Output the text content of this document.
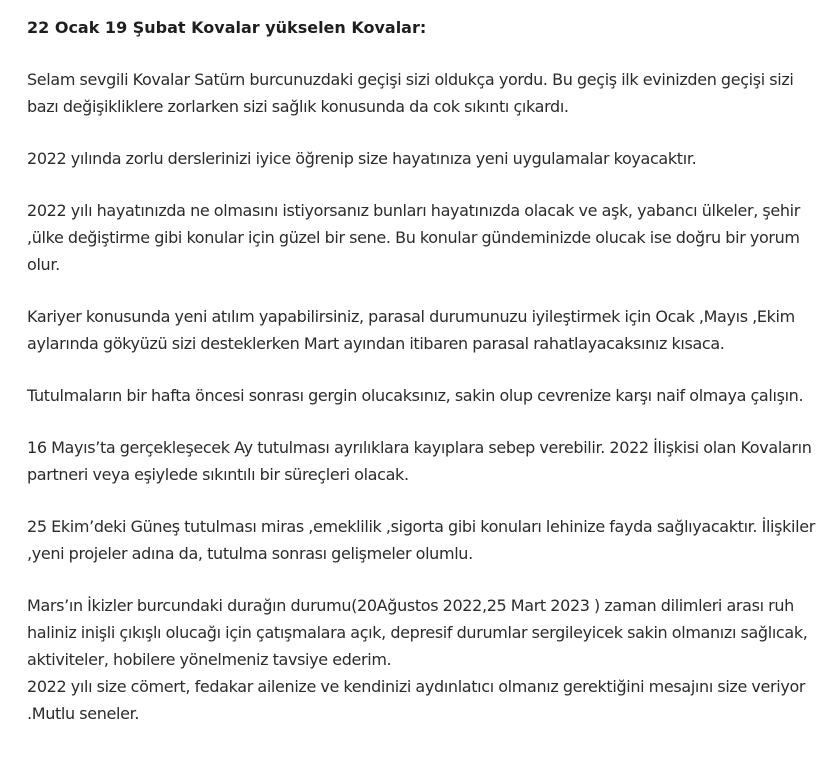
22 Ocak 19 Şubat Kovalar yükselen Kovalar:

Selam sevgili Kovalar Satürn burcunuzdaki geçişi sizi oldukça yordu. Bu geçiş ilk evinizden geçişi sizi bazı değişikliklere zorlarken sizi sağlık konusunda da cok sıkıntı çıkardı.

2022 yılında zorlu derslerinizi iyice öğrenip size hayatınıza yeni uygulamalar koyacaktır.

2022 yılı hayatınızda ne olmasını istiyorsanız bunları hayatınızda olacak ve aşk, yabancı ülkeler, şehir ,ülke değiştirme gibi konular için güzel bir sene. Bu konular gündeminizde olucak ise doğru bir yorum olur.

Kariyer konusunda yeni atılım yapabilirsiniz, parasal durumunuzu iyileştirmek için Ocak ,Mayıs ,Ekim aylarında gökyüzü sizi desteklerken Mart ayından itibaren parasal rahatlayacaksınız kısaca.

Tutulmaların bir hafta öncesi sonrası gergin olucaksınız, sakin olup cevrenize karşı naif olmaya çalışın.

16 Mayıs’ta gerçekleşecek Ay tutulması ayrılıklara kayıplara sebep verebilir. 2022 İlişkisi olan Kovaların partneri veya eşiylede sıkıntılı bir süreçleri olacak.

25 Ekim’deki Güneş tutulması miras ,emeklilik ,sigorta gibi konuları lehinize fayda sağlıyacaktır. İlişkiler ,yeni projeler adına da, tutulma sonrası gelişmeler olumlu.

Mars’ın İkizler burcundaki durağın durumu(20Ağustos 2022,25 Mart 2023 ) zaman dilimleri arası ruh haliniz inişli çıkışlı olucağı için çatışmalara açık, depresif durumlar sergileyicek sakin olmanızı sağlıcak, aktiviteler, hobilere yönelmeniz tavsiye ederim.

2022 yılı size cömert, fedakar ailenize ve kendinizi aydınlatıcı olmanız gerektiğini mesajını size veriyor .Mutlu seneler.
